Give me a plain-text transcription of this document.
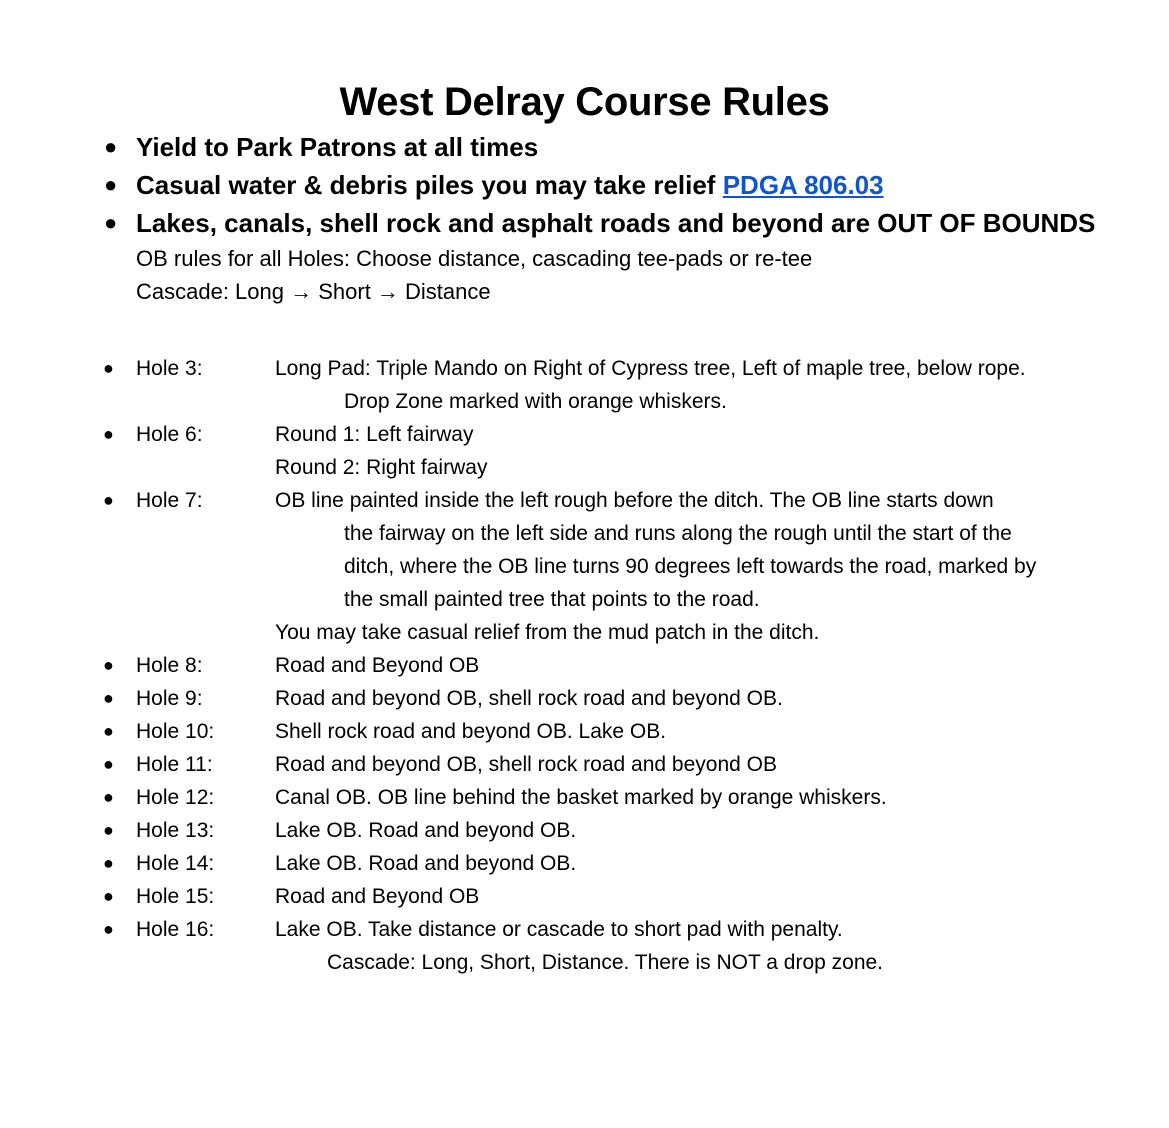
West Delray Course Rules
● Yield to Park Patrons at all times
● Casual water & debris piles you may take relief PDGA 806.03
● Lakes, canals, shell rock and asphalt roads and beyond are OUT OF BOUNDS
OB rules for all Holes: Choose distance, cascading tee-pads or re-tee
Cascade: Long → Short → Distance
● Hole 3:	Long Pad: Triple Mando on Right of Cypress tree, Left of maple tree, below rope.
Drop Zone marked with orange whiskers.
● Hole 6:	Round 1: Left fairway
Round 2: Right fairway
● Hole 7:	OB line painted inside the left rough before the ditch. The OB line starts down
the fairway on the left side and runs along the rough until the start of the
ditch, where the OB line turns 90 degrees left towards the road, marked by
the small painted tree that points to the road.
You may take casual relief from the mud patch in the ditch.
● Hole 8:	Road and Beyond OB
● Hole 9:	Road and beyond OB, shell rock road and beyond OB.
● Hole 10:	Shell rock road and beyond OB. Lake OB.
● Hole 11:	Road and beyond OB, shell rock road and beyond OB
● Hole 12:	Canal OB. OB line behind the basket marked by orange whiskers.
● Hole 13:	Lake OB. Road and beyond OB.
● Hole 14:	Lake OB. Road and beyond OB.
● Hole 15:	Road and Beyond OB
● Hole 16:	Lake OB. Take distance or cascade to short pad with penalty.
Cascade: Long, Short, Distance. There is NOT a drop zone.
